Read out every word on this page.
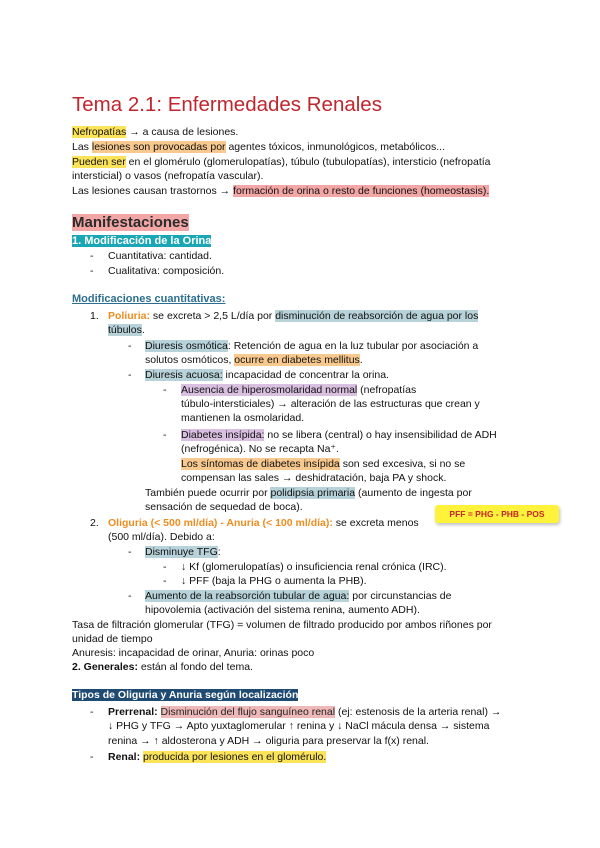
Tema 2.1: Enfermedades Renales
Nefropatías → a causa de lesiones.
Las lesiones son provocadas por agentes tóxicos, inmunológicos, metabólicos...
Pueden ser en el glomérulo (glomerulopatías), túbulo (tubulopatías), intersticio (nefropatía
intersticial) o vasos (nefropatía vascular).
Las lesiones causan trastornos → formación de orina o resto de funciones (homeostasis).
Manifestaciones
1. Modificación de la Orina
- Cuantitativa: cantidad.
- Cualitativa: composición.
Modificaciones cuantitativas:
1. Poliuria: se excreta > 2,5 L/día por disminución de reabsorción de agua por los
túbulos.
- Diuresis osmótica: Retención de agua en la luz tubular por asociación a
solutos osmóticos, ocurre en diabetes mellitus.
- Diuresis acuosa: incapacidad de concentrar la orina.
- Ausencia de hiperosmolaridad normal (nefropatías
túbulo-intersticiales) → alteración de las estructuras que crean y
mantienen la osmolaridad.
- Diabetes insípida: no se libera (central) o hay insensibilidad de ADH
(nefrogénica). No se recapta Na⁺.
Los síntomas de diabetes insípida son sed excesiva, si no se
compensan las sales → deshidratación, baja PA y shock.
También puede ocurrir por polidipsia primaria (aumento de ingesta por
sensación de sequedad de boca).
2. Oliguria (< 500 ml/día) - Anuria (< 100 ml/día): se excreta menos
PFF = PHG - PHB - POS
(500 ml/día). Debido a:
- Disminuye TFG:
- ↓ Kf (glomerulopatías) o insuficiencia renal crónica (IRC).
- ↓ PFF (baja la PHG o aumenta la PHB).
- Aumento de la reabsorción tubular de agua: por circunstancias de
hipovolemia (activación del sistema renina, aumento ADH).
Tasa de filtración glomerular (TFG) = volumen de filtrado producido por ambos riñones por
unidad de tiempo
Anuresis: incapacidad de orinar, Anuria: orinas poco
2. Generales: están al fondo del tema.
Tipos de Oliguria y Anuria según localización
- Prerrenal: Disminución del flujo sanguíneo renal (ej: estenosis de la arteria renal) →
↓ PHG y TFG → Apto yuxtaglomerular ↑ renina y ↓ NaCl mácula densa → sistema
renina → ↑ aldosterona y ADH → oliguria para preservar la f(x) renal.
- Renal: producida por lesiones en el glomérulo.
